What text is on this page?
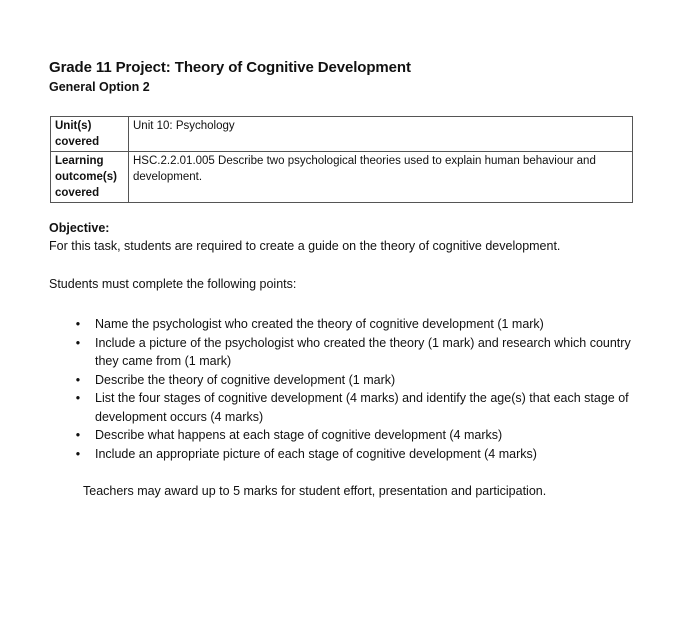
Grade 11 Project: Theory of Cognitive Development
General Option 2
Unit(s) covered	Unit 10: Psychology
Learning outcome(s) covered	HSC.2.2.01.005 Describe two psychological theories used to explain human behaviour and development.
Objective:
For this task, students are required to create a guide on the theory of cognitive development.
Students must complete the following points:
• Name the psychologist who created the theory of cognitive development (1 mark)
• Include a picture of the psychologist who created the theory (1 mark) and research which country they came from (1 mark)
• Describe the theory of cognitive development (1 mark)
• List the four stages of cognitive development (4 marks) and identify the age(s) that each stage of development occurs (4 marks)
• Describe what happens at each stage of cognitive development (4 marks)
• Include an appropriate picture of each stage of cognitive development (4 marks)
Teachers may award up to 5 marks for student effort, presentation and participation.
